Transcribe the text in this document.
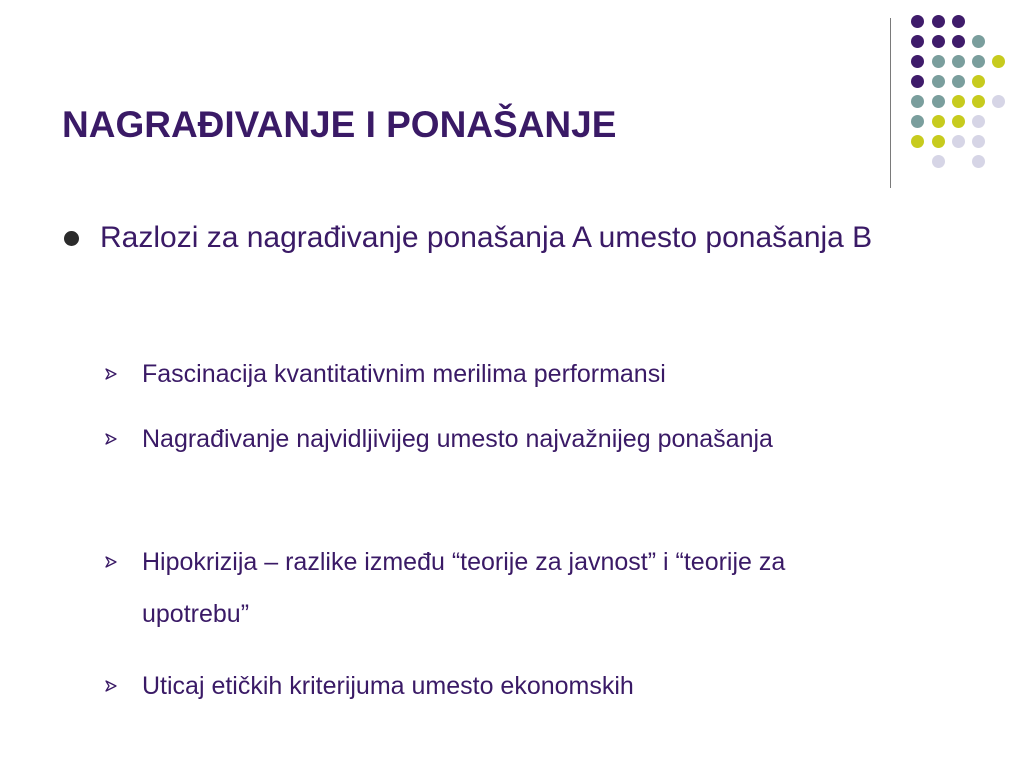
NAGRAĐIVANJE I PONAŠANJE

Razlozi za nagrađivanje ponašanja A umesto ponašanja B

Fascinacija kvantitativnim merilima performansi

Nagrađivanje najvidljivijeg umesto najvažnijeg ponašanja

Hipokrizija – razlike između “teorije za javnost” i “teorije za upotrebu”

Uticaj etičkih kriterijuma umesto ekonomskih
